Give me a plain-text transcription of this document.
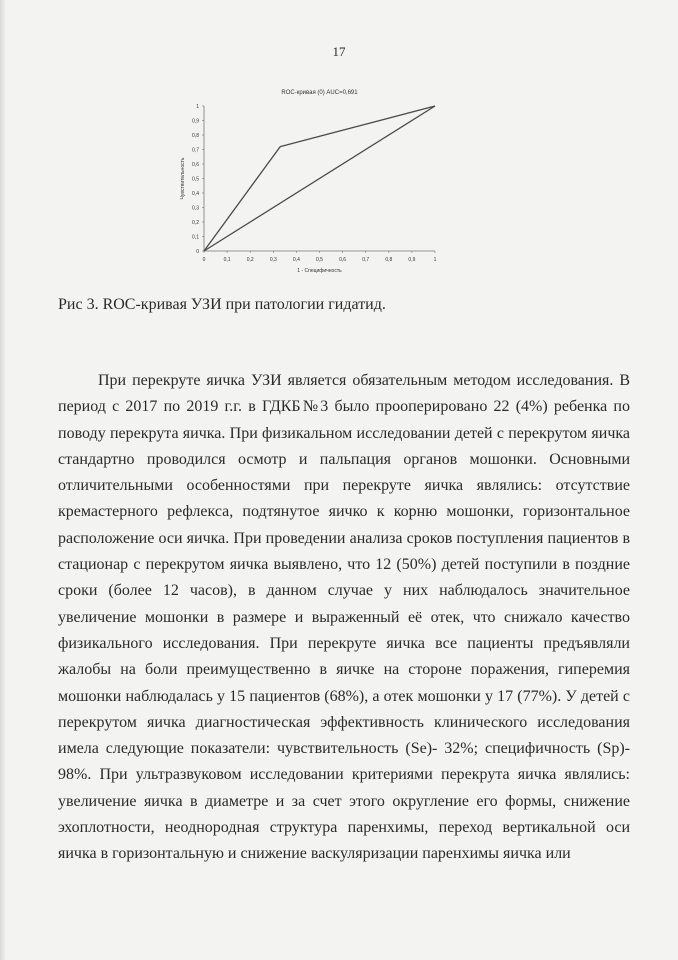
17
ROC-кривая (0) AUC=0,691
0
0,1
0,2
0,3
0,4
0,5
0,6
0,7
0,8
0,9
1
0	0,1	0,2	0,3	0,4	0,5	0,6	0,7	0,8	0,9	1
1 - Специфичность
Чувствительность
Рис 3. ROC-кривая УЗИ при патологии гидатид.

При перекруте яичка УЗИ является обязательным методом исследования. В период с 2017 по 2019 г.г. в ГДКБ№3 было прооперировано 22 (4%) ребенка по поводу перекрута яичка. При физикальном исследовании детей с перекрутом яичка стандартно проводился осмотр и пальпация органов мошонки. Основными отличительными особенностями при перекруте яичка являлись: отсутствие кремастерного рефлекса, подтянутое яичко к корню мошонки, горизонтальное расположение оси яичка. При проведении анализа сроков поступления пациентов в стационар с перекрутом яичка выявлено, что 12 (50%) детей поступили в поздние сроки (более 12 часов), в данном случае у них наблюдалось значительное увеличение мошонки в размере и выраженный её отек, что снижало качество физикального исследования. При перекруте яичка все пациенты предъявляли жалобы на боли преимущественно в яичке на стороне поражения, гиперемия мошонки наблюдалась у 15 пациентов (68%), а отек мошонки у 17 (77%). У детей с перекрутом яичка диагностическая эффективность клинического исследования имела следующие показатели: чувствительность (Se)- 32%; специфичность (Sp)- 98%. При ультразвуковом исследовании критериями перекрута яичка являлись: увеличение яичка в диаметре и за счет этого округление его формы, снижение эхоплотности, неоднородная структура паренхимы, переход вертикальной оси яичка в горизонтальную и снижение васкуляризации паренхимы яичка или
